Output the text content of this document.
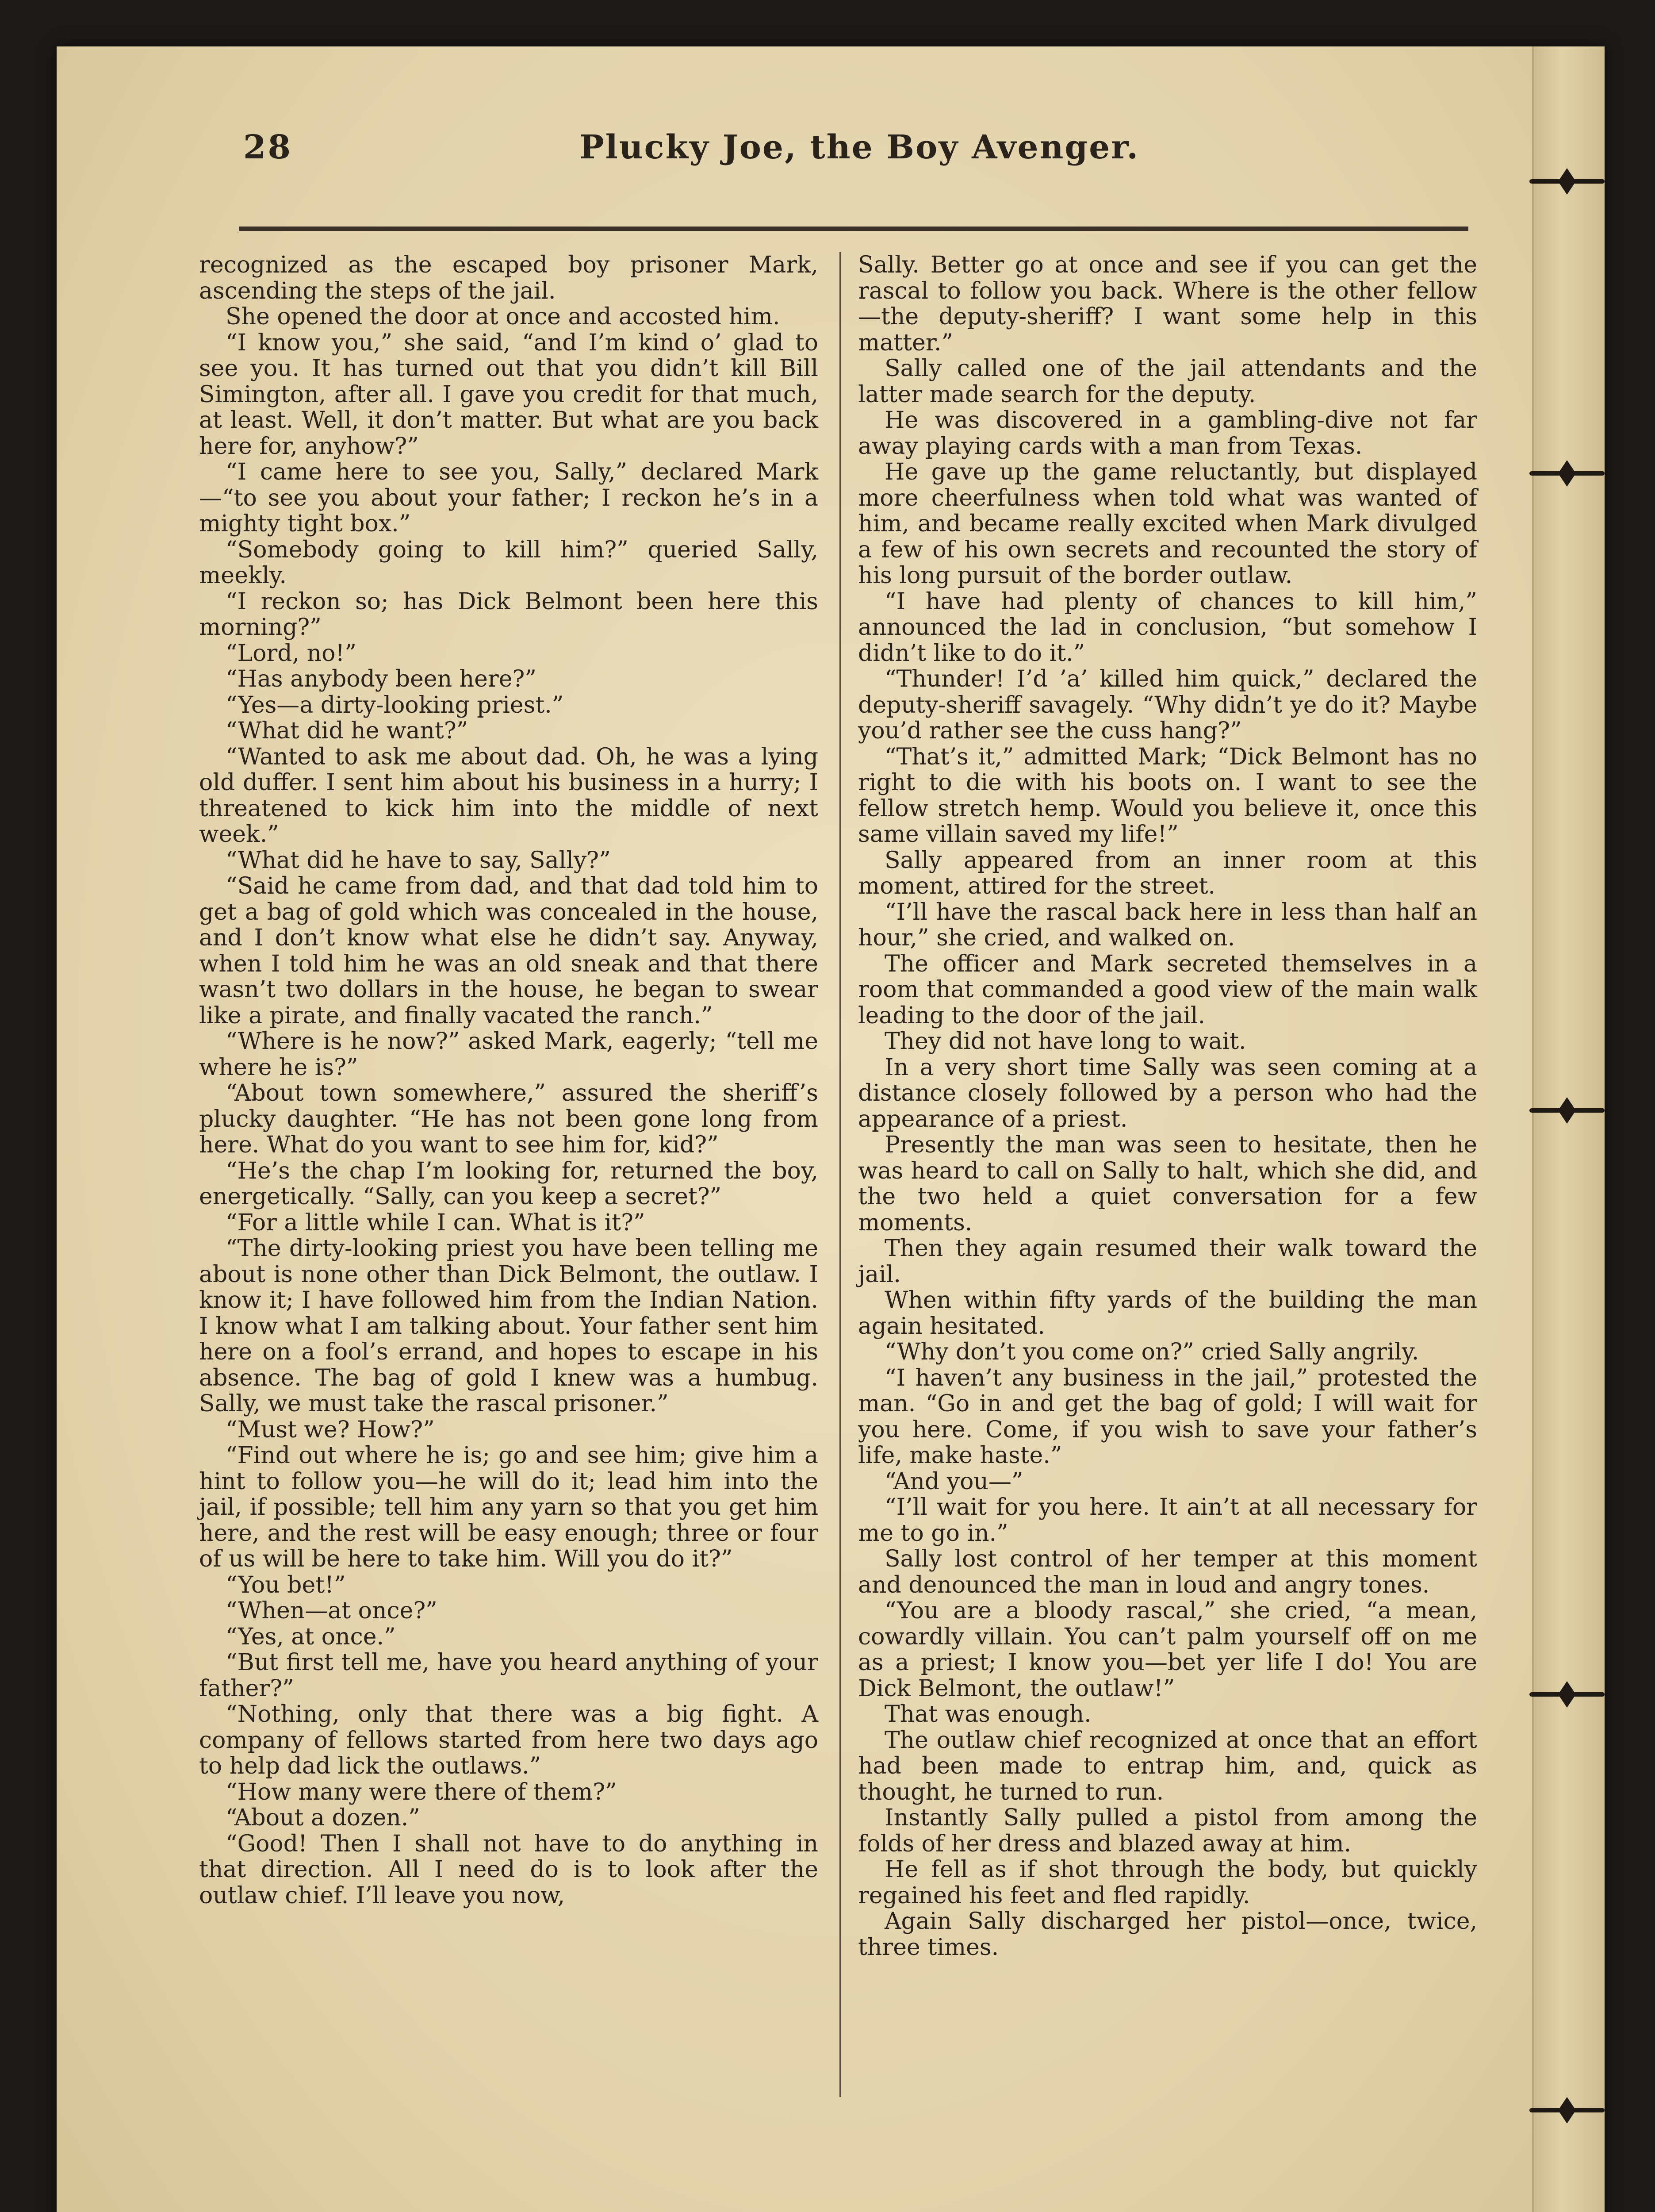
28	Plucky Joe, the Boy Avenger.

recognized as the escaped boy prisoner Mark, ascending the steps of the jail.

She opened the door at once and accosted him.

“I know you,” she said, “and I’m kind o’ glad to see you. It has turned out that you didn’t kill Bill Simington, after all. I gave you credit for that much, at least. Well, it don’t matter. But what are you back here for, anyhow?”

“I came here to see you, Sally,” declared Mark—“to see you about your father; I reckon he’s in a mighty tight box.”

“Somebody going to kill him?” queried Sally, meekly.

“I reckon so; has Dick Belmont been here this morning?”

“Lord, no!”

“Has anybody been here?”

“Yes—a dirty-looking priest.”

“What did he want?”

“Wanted to ask me about dad. Oh, he was a lying old duffer. I sent him about his business in a hurry; I threatened to kick him into the middle of next week.”

“What did he have to say, Sally?”

“Said he came from dad, and that dad told him to get a bag of gold which was concealed in the house, and I don’t know what else he didn’t say. Anyway, when I told him he was an old sneak and that there wasn’t two dollars in the house, he began to swear like a pirate, and finally vacated the ranch.”

“Where is he now?” asked Mark, eagerly; “tell me where he is?”

“About town somewhere,” assured the sheriff’s plucky daughter. “He has not been gone long from here. What do you want to see him for, kid?”

“He’s the chap I’m looking for, returned the boy, energetically. “Sally, can you keep a secret?”

“For a little while I can. What is it?”

“The dirty-looking priest you have been telling me about is none other than Dick Belmont, the outlaw. I know it; I have followed him from the Indian Nation. I know what I am talking about. Your father sent him here on a fool’s errand, and hopes to escape in his absence. The bag of gold I knew was a humbug. Sally, we must take the rascal prisoner.”

“Must we? How?”

“Find out where he is; go and see him; give him a hint to follow you—he will do it; lead him into the jail, if possible; tell him any yarn so that you get him here, and the rest will be easy enough; three or four of us will be here to take him. Will you do it?”

“You bet!”

“When—at once?”

“Yes, at once.”

“But first tell me, have you heard anything of your father?”

“Nothing, only that there was a big fight. A company of fellows started from here two days ago to help dad lick the outlaws.”

“How many were there of them?”

“About a dozen.”

“Good! Then I shall not have to do anything in that direction. All I need do is to look after the outlaw chief. I’ll leave you now,

Sally. Better go at once and see if you can get the rascal to follow you back. Where is the other fellow—the deputy-sheriff? I want some help in this matter.”

Sally called one of the jail attendants and the latter made search for the deputy.

He was discovered in a gambling-dive not far away playing cards with a man from Texas.

He gave up the game reluctantly, but displayed more cheerfulness when told what was wanted of him, and became really excited when Mark divulged a few of his own secrets and recounted the story of his long pursuit of the border outlaw.

“I have had plenty of chances to kill him,” announced the lad in conclusion, “but somehow I didn’t like to do it.”

“Thunder! I’d ’a’ killed him quick,” declared the deputy-sheriff savagely. “Why didn’t ye do it? Maybe you’d rather see the cuss hang?”

“That’s it,” admitted Mark; “Dick Belmont has no right to die with his boots on. I want to see the fellow stretch hemp. Would you believe it, once this same villain saved my life!”

Sally appeared from an inner room at this moment, attired for the street.

“I’ll have the rascal back here in less than half an hour,” she cried, and walked on.

The officer and Mark secreted themselves in a room that commanded a good view of the main walk leading to the door of the jail.

They did not have long to wait.

In a very short time Sally was seen coming at a distance closely followed by a person who had the appearance of a priest.

Presently the man was seen to hesitate, then he was heard to call on Sally to halt, which she did, and the two held a quiet conversation for a few moments.

Then they again resumed their walk toward the jail.

When within fifty yards of the building the man again hesitated.

“Why don’t you come on?” cried Sally angrily.

“I haven’t any business in the jail,” protested the man. “Go in and get the bag of gold; I will wait for you here. Come, if you wish to save your father’s life, make haste.”

“And you—”

“I’ll wait for you here. It ain’t at all necessary for me to go in.”

Sally lost control of her temper at this moment and denounced the man in loud and angry tones.

“You are a bloody rascal,” she cried, “a mean, cowardly villain. You can’t palm yourself off on me as a priest; I know you—bet yer life I do! You are Dick Belmont, the outlaw!”

That was enough.

The outlaw chief recognized at once that an effort had been made to entrap him, and, quick as thought, he turned to run.

Instantly Sally pulled a pistol from among the folds of her dress and blazed away at him.

He fell as if shot through the body, but quickly regained his feet and fled rapidly.

Again Sally discharged her pistol—once, twice, three times.
